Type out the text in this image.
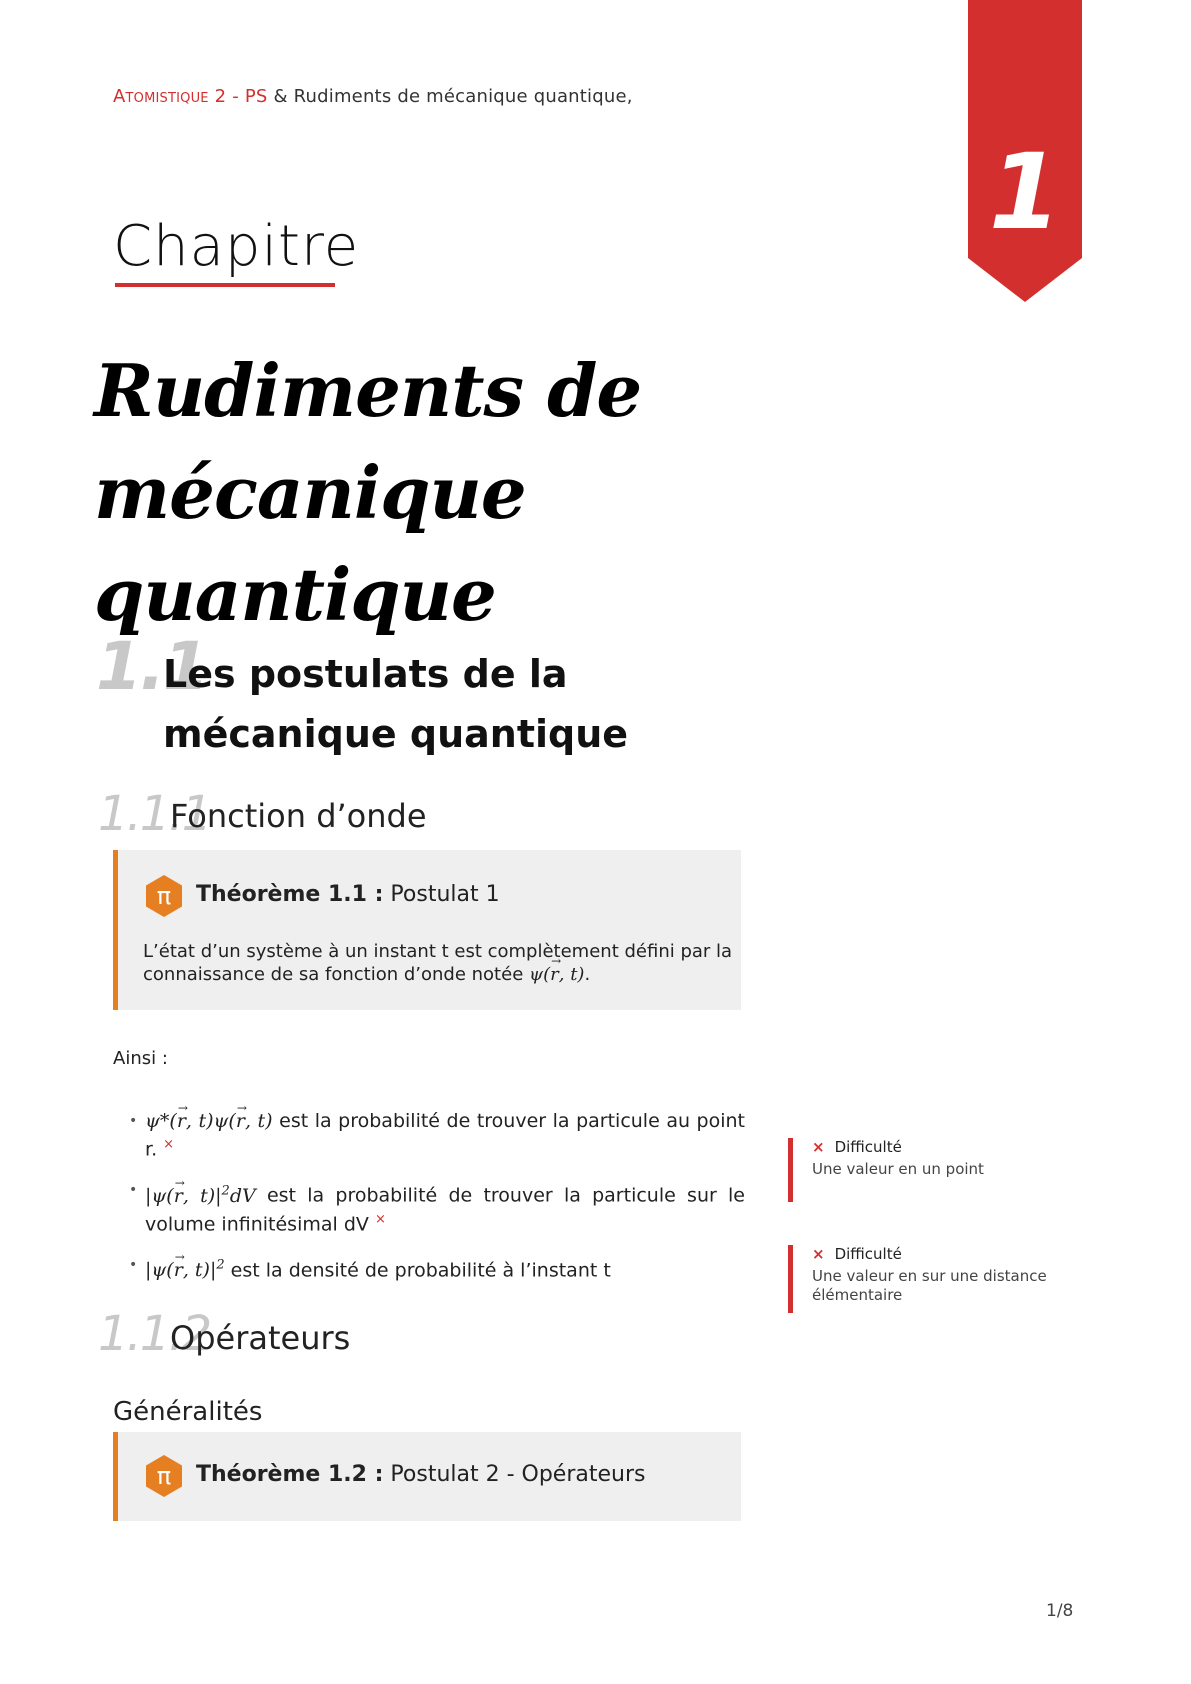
Atomistique 2 - PS & Rudiments de mécanique quantique,
1
Chapitre
Rudiments de mécanique quantique
1.1
Les postulats de la mécanique quantique
1.1.1
Fonction d’onde
π Théorème 1.1 : Postulat 1
L’état d’un système à un instant t est complètement défini par la connaissance de sa fonction d’onde notée ψ(→ r, t).
Ainsi :
• ψ*(→ r, t)ψ(→ r, t) est la probabilité de trouver la particule au point r. ×
• |ψ(→ r, $t)|^2dV$ est la probabilité de trouver la particule sur le volume infinitésimal dV ×
• |ψ(→ r, $t)|^2$ est la densité de probabilité à l’instant t
× Difficulté
Une valeur en un point
× Difficulté
Une valeur en sur une distance élémentaire
1.1.2
Opérateurs
Généralités
π Théorème 1.2 : Postulat 2 - Opérateurs
1/8
